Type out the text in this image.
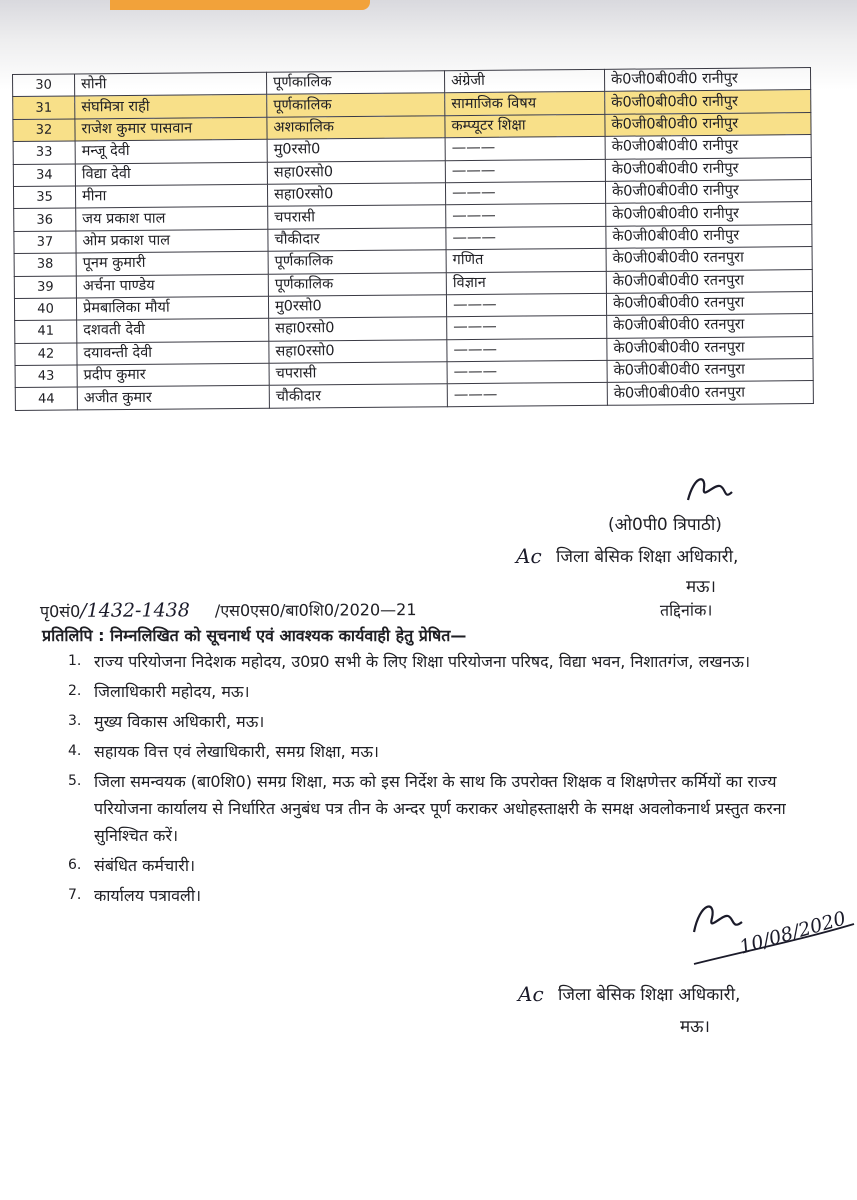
30	सोनी	पूर्णकालिक	अंग्रेजी	के0जी0बी0वी0 रानीपुर
31	संघमित्रा राही	पूर्णकालिक	सामाजिक विषय	के0जी0बी0वी0 रानीपुर
32	राजेश कुमार पासवान	अशकालिक	कम्प्यूटर शिक्षा	के0जी0बी0वी0 रानीपुर
33	मन्जू देवी	मु0रसो0	———	के0जी0बी0वी0 रानीपुर
34	विद्या देवी	सहा0रसो0	———	के0जी0बी0वी0 रानीपुर
35	मीना	सहा0रसो0	———	के0जी0बी0वी0 रानीपुर
36	जय प्रकाश पाल	चपरासी	———	के0जी0बी0वी0 रानीपुर
37	ओम प्रकाश पाल	चौकीदार	———	के0जी0बी0वी0 रानीपुर
38	पूनम कुमारी	पूर्णकालिक	गणित	के0जी0बी0वी0 रतनपुरा
39	अर्चना पाण्डेय	पूर्णकालिक	विज्ञान	के0जी0बी0वी0 रतनपुरा
40	प्रेमबालिका मौर्या	मु0रसो0	———	के0जी0बी0वी0 रतनपुरा
41	दशवती देवी	सहा0रसो0	———	के0जी0बी0वी0 रतनपुरा
42	दयावन्ती देवी	सहा0रसो0	———	के0जी0बी0वी0 रतनपुरा
43	प्रदीप कुमार	चपरासी	———	के0जी0बी0वी0 रतनपुरा
44	अजीत कुमार	चौकीदार	———	के0जी0बी0वी0 रतनपुरा
(ओ0पी0 त्रिपाठी)
Ac जिला बेसिक शिक्षा अधिकारी,
मऊ।
पृ0सं0/1432-1438 /एस0एस0/बा0शि0/2020—21	तद्दिनांक।
प्रतिलिपि : निम्नलिखित को सूचनार्थ एवं आवश्यक कार्यवाही हेतु प्रेषित—
1. राज्य परियोजना निदेशक महोदय, उ0प्र0 सभी के लिए शिक्षा परियोजना परिषद, विद्या भवन, निशातगंज, लखनऊ।
2. जिलाधिकारी महोदय, मऊ।
3. मुख्य विकास अधिकारी, मऊ।
4. सहायक वित्त एवं लेखाधिकारी, समग्र शिक्षा, मऊ।
5. जिला समन्वयक (बा0शि0) समग्र शिक्षा, मऊ को इस निर्देश के साथ कि उपरोक्त शिक्षक व शिक्षणेत्तर कर्मियों का राज्य परियोजना कार्यालय से निर्धारित अनुबंध पत्र तीन के अन्दर पूर्ण कराकर अधोहस्ताक्षरी के समक्ष अवलोकनार्थ प्रस्तुत करना सुनिश्चित करें।
6. संबंधित कर्मचारी।
7. कार्यालय पत्रावली।
10/08/2020
Ac जिला बेसिक शिक्षा अधिकारी,
मऊ।
